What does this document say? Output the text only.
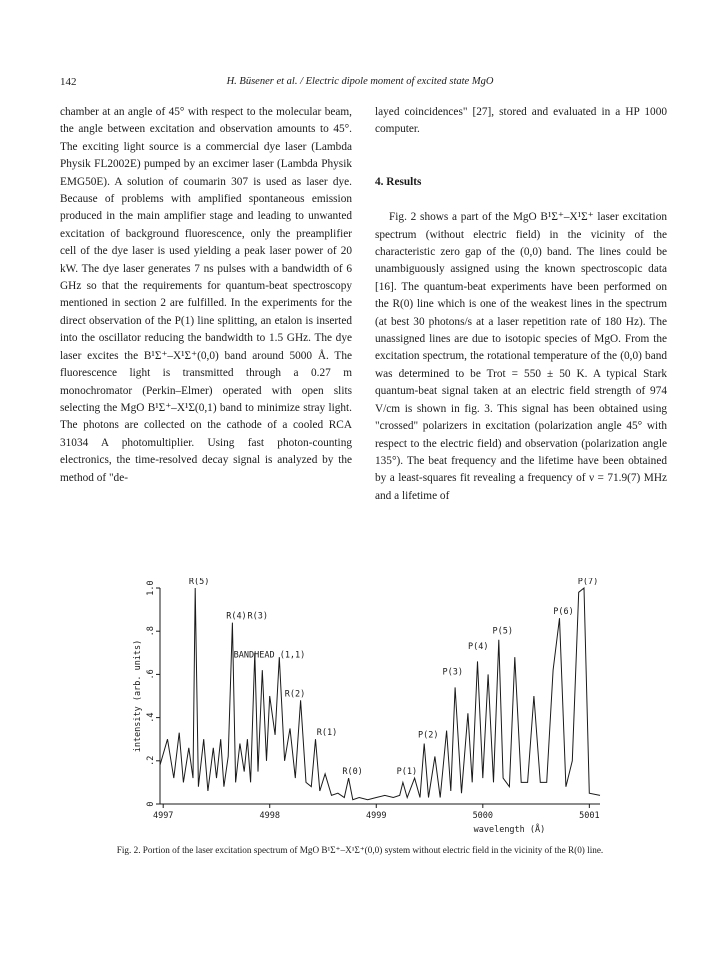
142	H. Büsener et al. / Electric dipole moment of excited state MgO

chamber at an angle of 45° with respect to the molecular beam, the angle between excitation and observation amounts to 45°. The exciting light source is a commercial dye laser (Lambda Physik FL2002E) pumped by an excimer laser (Lambda Physik EMG50E). A solution of coumarin 307 is used as laser dye. Because of problems with amplified spontaneous emission produced in the main amplifier stage and leading to unwanted excitation of background fluorescence, only the preamplifier cell of the dye laser is used yielding a peak laser power of 20 kW. The dye laser generates 7 ns pulses with a bandwidth of 6 GHz so that the requirements for quantum-beat spectroscopy mentioned in section 2 are fulfilled. In the experiments for the direct observation of the P(1) line splitting, an etalon is inserted into the oscillator reducing the bandwidth to 1.5 GHz. The dye laser excites the B¹Σ⁺–X¹Σ⁺(0,0) band around 5000 Å. The fluorescence light is transmitted through a 0.27 m monochromator (Perkin–Elmer) operated with open slits selecting the MgO B¹Σ⁺–X¹Σ(0,1) band to minimize stray light. The photons are collected on the cathode of a cooled RCA 31034 A photomultiplier. Using fast photon-counting electronics, the time-resolved decay signal is analyzed by the method of "de-

layed coincidences" [27], stored and evaluated in a HP 1000 computer.

4. Results

Fig. 2 shows a part of the MgO B¹Σ⁺–X¹Σ⁺ laser excitation spectrum (without electric field) in the vicinity of the characteristic zero gap of the (0,0) band. The lines could be unambiguously assigned using the known spectroscopic data [16]. The quantum-beat experiments have been performed on the R(0) line which is one of the weakest lines in the spectrum (at best 30 photons/s at a laser repetition rate of 180 Hz). The unassigned lines are due to isotopic species of MgO. From the excitation spectrum, the rotational temperature of the (0,0) band was determined to be Trot = 550 ± 50 K. A typical Stark quantum-beat signal taken at an electric field strength of 974 V/cm is shown in fig. 3. This signal has been obtained using "crossed" polarizers in excitation (polarization angle 45° with respect to the electric field) and observation (polarization angle 135°). The beat frequency and the lifetime have been obtained by a least-squares fit revealing a frequency of ν = 71.9(7) MHz and a lifetime of

0
.2
.4
.6
.8
1.0
4997	4998	4999	5000	5001
wavelength (Å)
intensity (arb. units)
R(5)
R(4) R(3)
BANDHEAD (1,1)
R(2)
R(1)
R(0)	P(1)
P(2)
P(3)
P(4)
P(5)
P(6)
P(7)
Fig. 2. Portion of the laser excitation spectrum of MgO B¹Σ⁺–X¹Σ⁺(0,0) system without electric field in the vicinity of the R(0) line.
